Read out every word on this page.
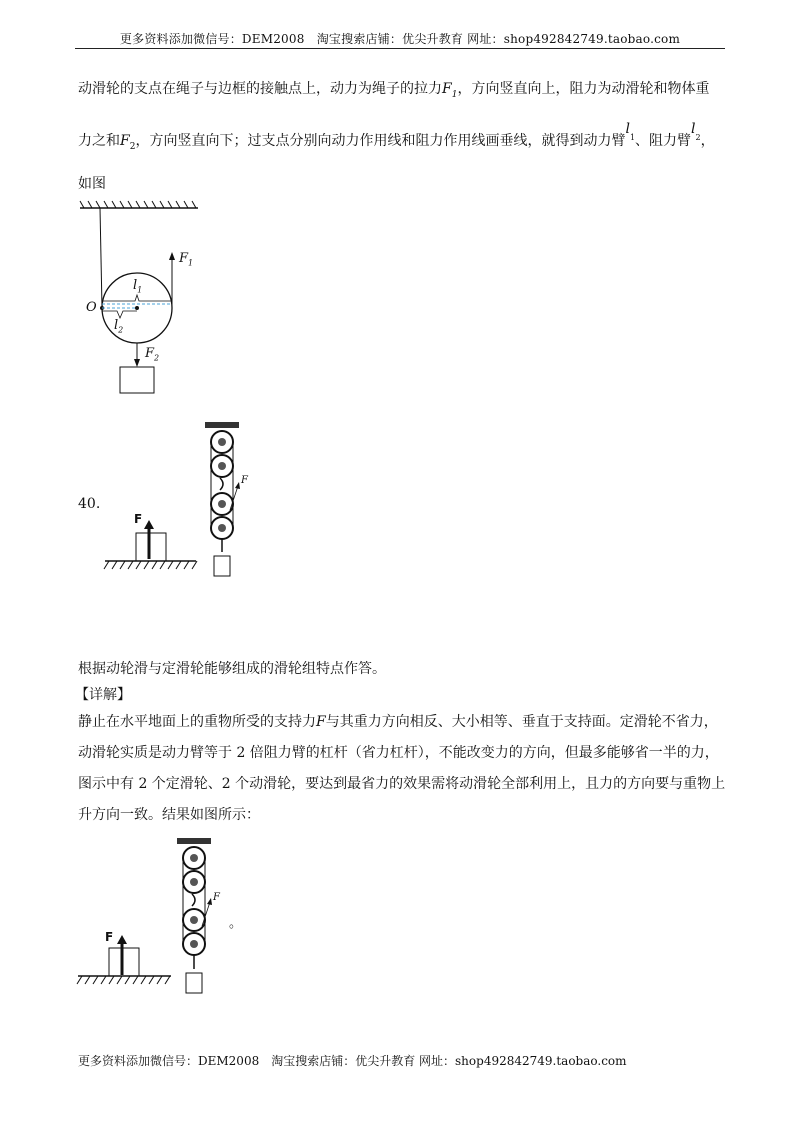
更多资料添加微信号：DEM2008　淘宝搜索店铺：优尖升教育 网址：shop492842749.taobao.com
动滑轮的支点在绳子与边框的接触点上，动力为绳子的拉力$F_1$，方向竖直向上，阻力为动滑轮和物体重
力之和$F_2$，方向竖直向下；过支点分别向动力作用线和阻力作用线画垂线，就得到动力臂$l_1$、阻力臂$l_2$，
如图
O
$F_1$
$F_2$
$l_1$
$l_2$
40.
F
F
根据动轮滑与定滑轮能够组成的滑轮组特点作答。
【详解】
静止在水平地面上的重物所受的支持力F与其重力方向相反、大小相等、垂直于支持面。定滑轮不省力，
动滑轮实质是动力臂等于 2 倍阻力臂的杠杆（省力杠杆），不能改变力的方向，但最多能够省一半的力，
图示中有 2 个定滑轮、2 个动滑轮，要达到最省力的效果需将动滑轮全部利用上，且力的方向要与重物上
升方向一致。结果如图所示：
F
F
。
更多资料添加微信号：DEM2008　淘宝搜索店铺：优尖升教育 网址：shop492842749.taobao.com
